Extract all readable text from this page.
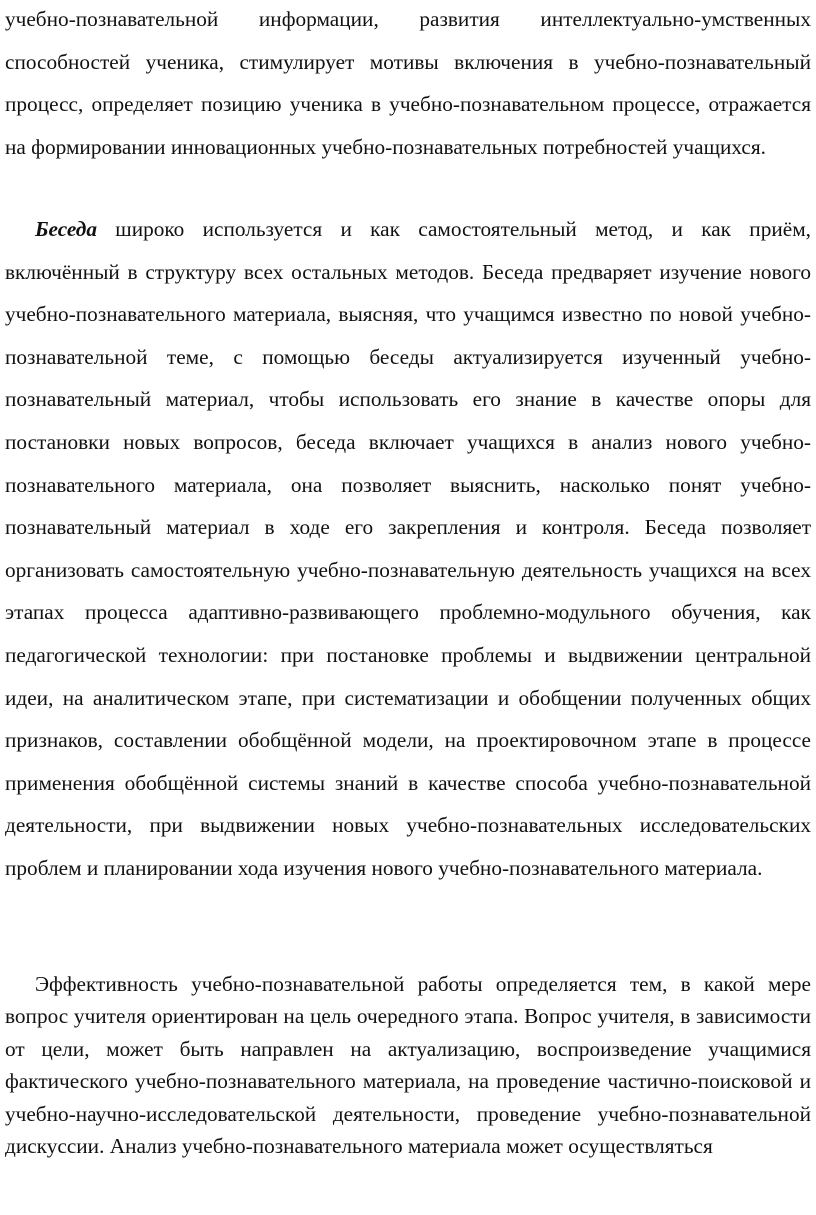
учебно-познавательной информации, развития интеллектуально-умственных способностей ученика, стимулирует мотивы включения в учебно-познавательный процесс, определяет позицию ученика в учебно-познавательном процессе, отражается на формировании инновационных учебно-познавательных потребностей учащихся.

Беседа широко используется и как самостоятельный метод, и как приём, включённый в структуру всех остальных методов. Беседа предваряет изучение нового учебно-познавательного материала, выясняя, что учащимся известно по новой учебно-познавательной теме, с помощью беседы актуализируется изученный учебно-познавательный материал, чтобы использовать его знание в качестве опоры для постановки новых вопросов, беседа включает учащихся в анализ нового учебно-познавательного материала, она позволяет выяснить, насколько понят учебно-познавательный материал в ходе его закрепления и контроля. Беседа позволяет организовать самостоятельную учебно-познавательную деятельность учащихся на всех этапах процесса адаптивно-развивающего проблемно-модульного обучения, как педагогической технологии: при постановке проблемы и выдвижении центральной идеи, на аналитическом этапе, при систематизации и обобщении полученных общих признаков, составлении обобщённой модели, на проектировочном этапе в процессе применения обобщённой системы знаний в качестве способа учебно-познавательной деятельности, при выдвижении новых учебно-познавательных исследовательских проблем и планировании хода изучения нового учебно-познавательного материала.

Эффективность учебно-познавательной работы определяется тем, в какой мере вопрос учителя ориентирован на цель очередного этапа. Вопрос учителя, в зависимости от цели, может быть направлен на актуализацию, воспроизведение учащимися фактического учебно-познавательного материала, на проведение частично-поисковой и учебно-научно-исследовательской деятельности, проведение учебно-познавательной дискуссии. Анализ учебно-познавательного материала может осуществляться
